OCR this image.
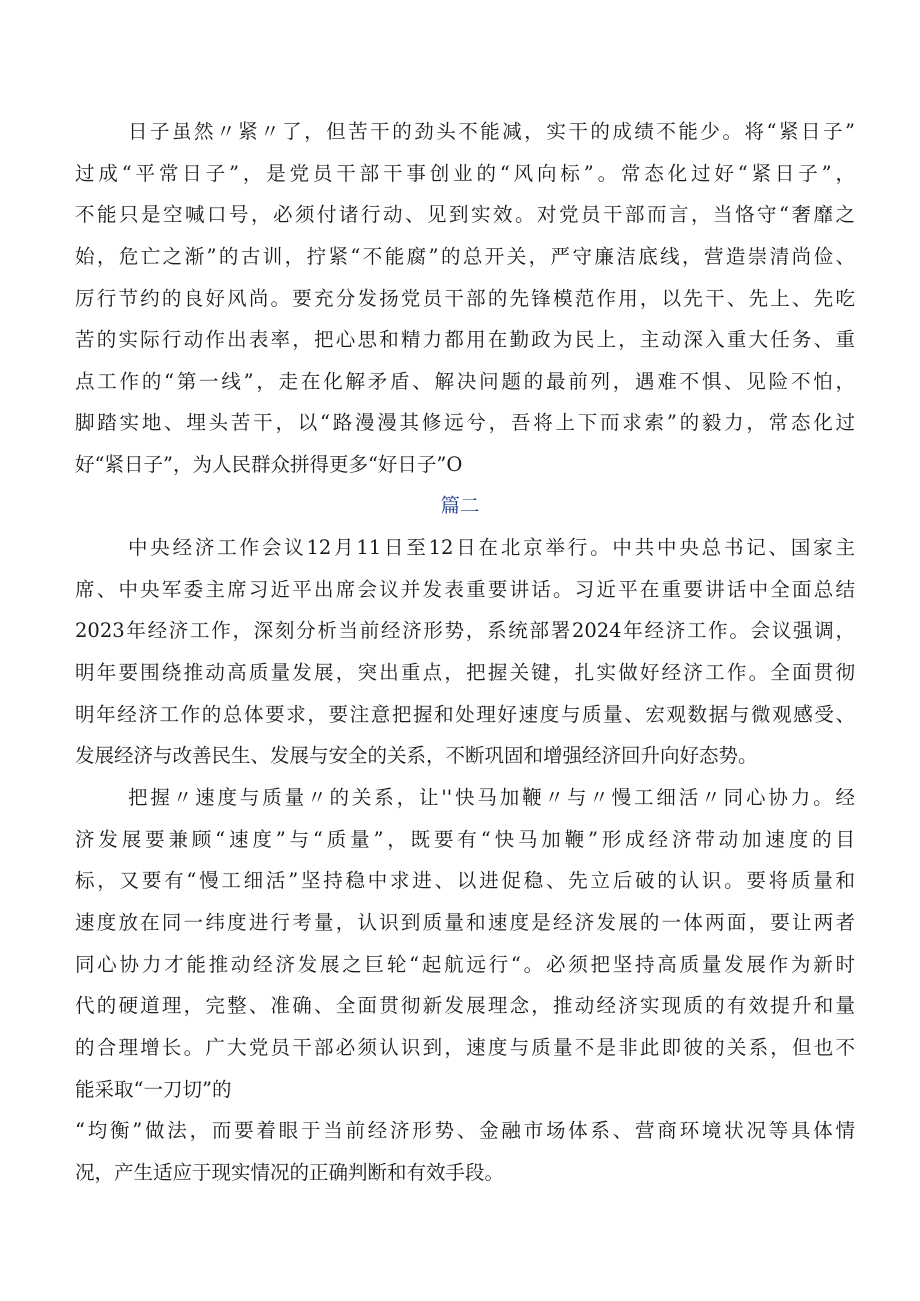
日子虽然〃紧〃了，但苦干的劲头不能减，实干的成绩不能少。将“紧日子”
过成“平常日子”，是党员干部干事创业的“风向标”。常态化过好“紧日子”，
不能只是空喊口号，必须付诸行动、见到实效。对党员干部而言，当恪守“奢靡之
始，危亡之渐”的古训，拧紧“不能腐”的总开关，严守廉洁底线，营造崇清尚俭、
厉行节约的良好风尚。要充分发扬党员干部的先锋模范作用，以先干、先上、先吃
苦的实际行动作出表率，把心思和精力都用在勤政为民上，主动深入重大任务、重
点工作的“第一线”，走在化解矛盾、解决问题的最前列，遇难不惧、见险不怕，
脚踏实地、埋头苦干，以“路漫漫其修远兮，吾将上下而求索”的毅力，常态化过
好“紧日子”，为人民群众拼得更多“好日子”O
篇二
中央经济工作会议12月11日至12日在北京举行。中共中央总书记、国家主
席、中央军委主席习近平出席会议并发表重要讲话。习近平在重要讲话中全面总结
2023年经济工作，深刻分析当前经济形势，系统部署2024年经济工作。会议强调，
明年要围绕推动高质量发展，突出重点，把握关键，扎实做好经济工作。全面贯彻
明年经济工作的总体要求，要注意把握和处理好速度与质量、宏观数据与微观感受、
发展经济与改善民生、发展与安全的关系，不断巩固和增强经济回升向好态势。
把握〃速度与质量〃的关系，让''快马加鞭〃与〃慢工细活〃同心协力。经
济发展要兼顾“速度”与“质量”，既要有“快马加鞭”形成经济带动加速度的目
标，又要有“慢工细活”坚持稳中求进、以进促稳、先立后破的认识。要将质量和
速度放在同一纬度进行考量，认识到质量和速度是经济发展的一体两面，要让两者
同心协力才能推动经济发展之巨轮“起航远行“。必须把坚持高质量发展作为新时
代的硬道理，完整、准确、全面贯彻新发展理念，推动经济实现质的有效提升和量
的合理增长。广大党员干部必须认识到，速度与质量不是非此即彼的关系，但也不
能采取“一刀切”的
“均衡”做法，而要着眼于当前经济形势、金融市场体系、营商环境状况等具体情
况，产生适应于现实情况的正确判断和有效手段。
